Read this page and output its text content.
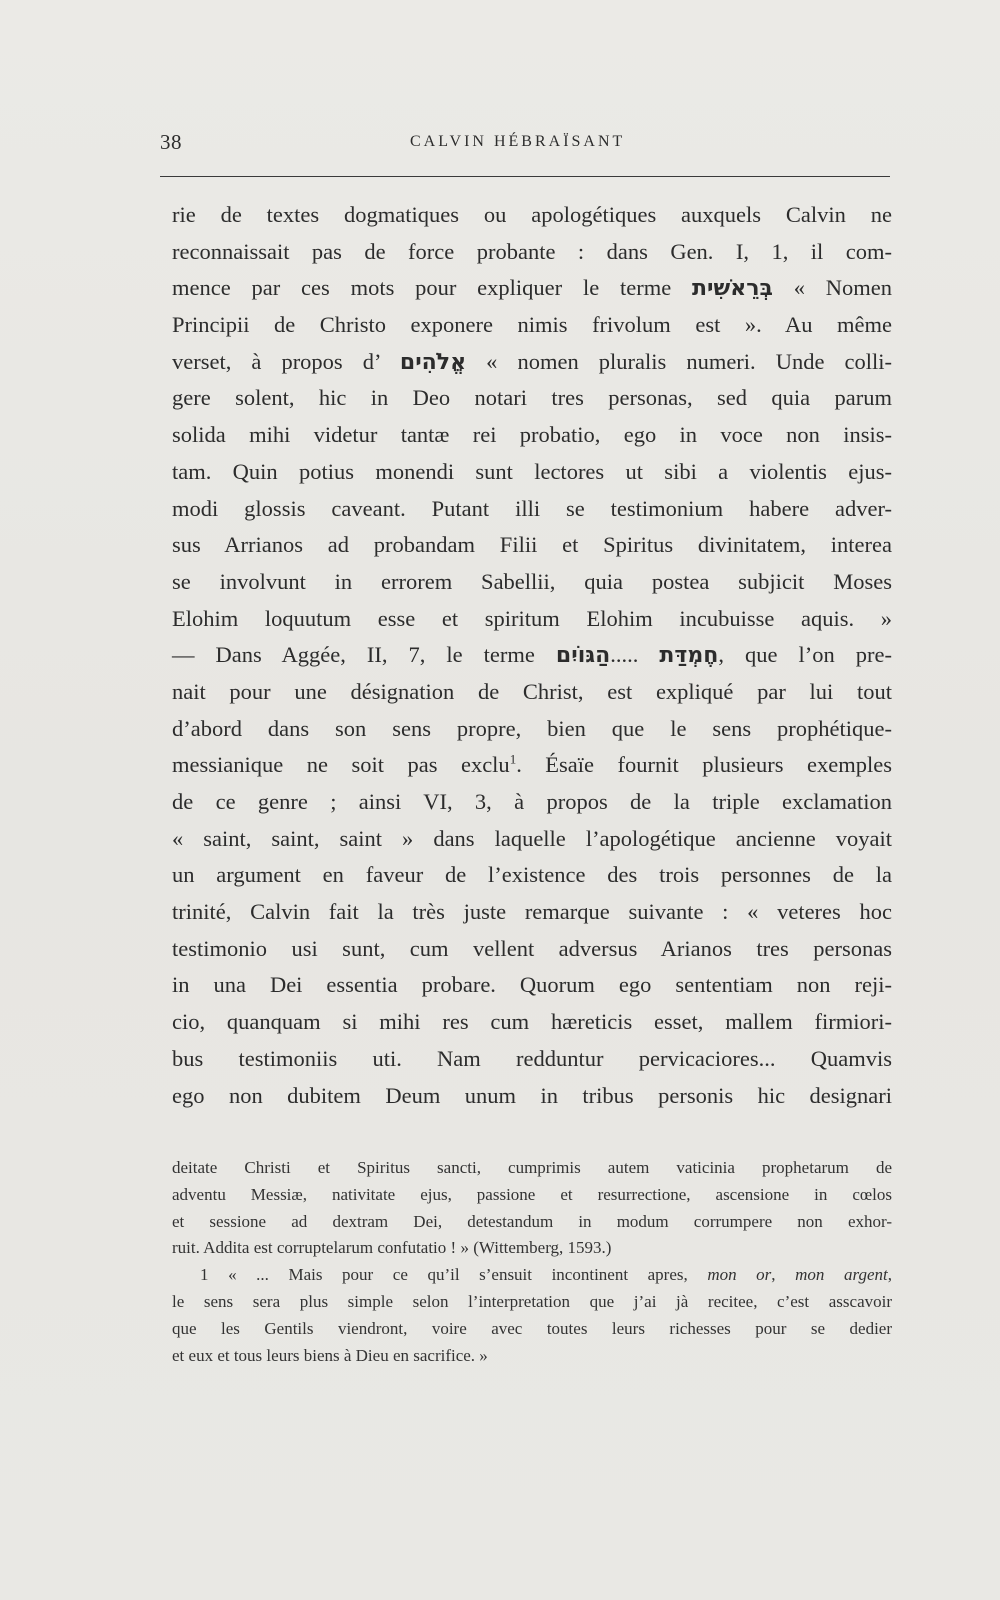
38	CALVIN HÉBRAÏSANT
rie de textes dogmatiques ou apologétiques auxquels Calvin ne
reconnaissait pas de force probante : dans Gen. I, 1, il com-
mence par ces mots pour expliquer le terme בְּרֵאשִׁית « Nomen
Principii de Christo exponere nimis frivolum est ». Au même
verset, à propos d’ אֱלֹהִים « nomen pluralis numeri. Unde colli-
gere solent, hic in Deo notari tres personas, sed quia parum
solida mihi videtur tantæ rei probatio, ego in voce non insis-
tam. Quin potius monendi sunt lectores ut sibi a violentis ejus-
modi glossis caveant. Putant illi se testimonium habere adver-
sus Arrianos ad probandam Filii et Spiritus divinitatem, interea
se involvunt in errorem Sabellii, quia postea subjicit Moses
Elohim loquutum esse et spiritum Elohim incubuisse aquis. »
— Dans Aggée, II, 7, le terme הַגּוֹיִם..... חֶמְדַּת, que l’on pre-
nait pour une désignation de Christ, est expliqué par lui tout
d’abord dans son sens propre, bien que le sens prophétique-
messianique ne soit pas exclu$^1$. Ésaïe fournit plusieurs exemples
de ce genre ; ainsi VI, 3, à propos de la triple exclamation
« saint, saint, saint » dans laquelle l’apologétique ancienne voyait
un argument en faveur de l’existence des trois personnes de la
trinité, Calvin fait la très juste remarque suivante : « veteres hoc
testimonio usi sunt, cum vellent adversus Arianos tres personas
in una Dei essentia probare. Quorum ego sententiam non reji-
cio, quanquam si mihi res cum hæreticis esset, mallem firmiori-
bus testimoniis uti. Nam redduntur pervicaciores... Quamvis
ego non dubitem Deum unum in tribus personis hic designari
deitate Christi et Spiritus sancti, cumprimis autem vaticinia prophetarum de
adventu Messiæ, nativitate ejus, passione et resurrectione, ascensione in cœlos
et sessione ad dextram Dei, detestandum in modum corrumpere non exhor-
ruit. Addita est corruptelarum confutatio ! » (Wittemberg, 1593.)
1 « ... Mais pour ce qu’il s’ensuit incontinent apres, mon or, mon argent,
le sens sera plus simple selon l’interpretation que j’ai jà recitee, c’est asscavoir
que les Gentils viendront, voire avec toutes leurs richesses pour se dedier
et eux et tous leurs biens à Dieu en sacrifice. »
